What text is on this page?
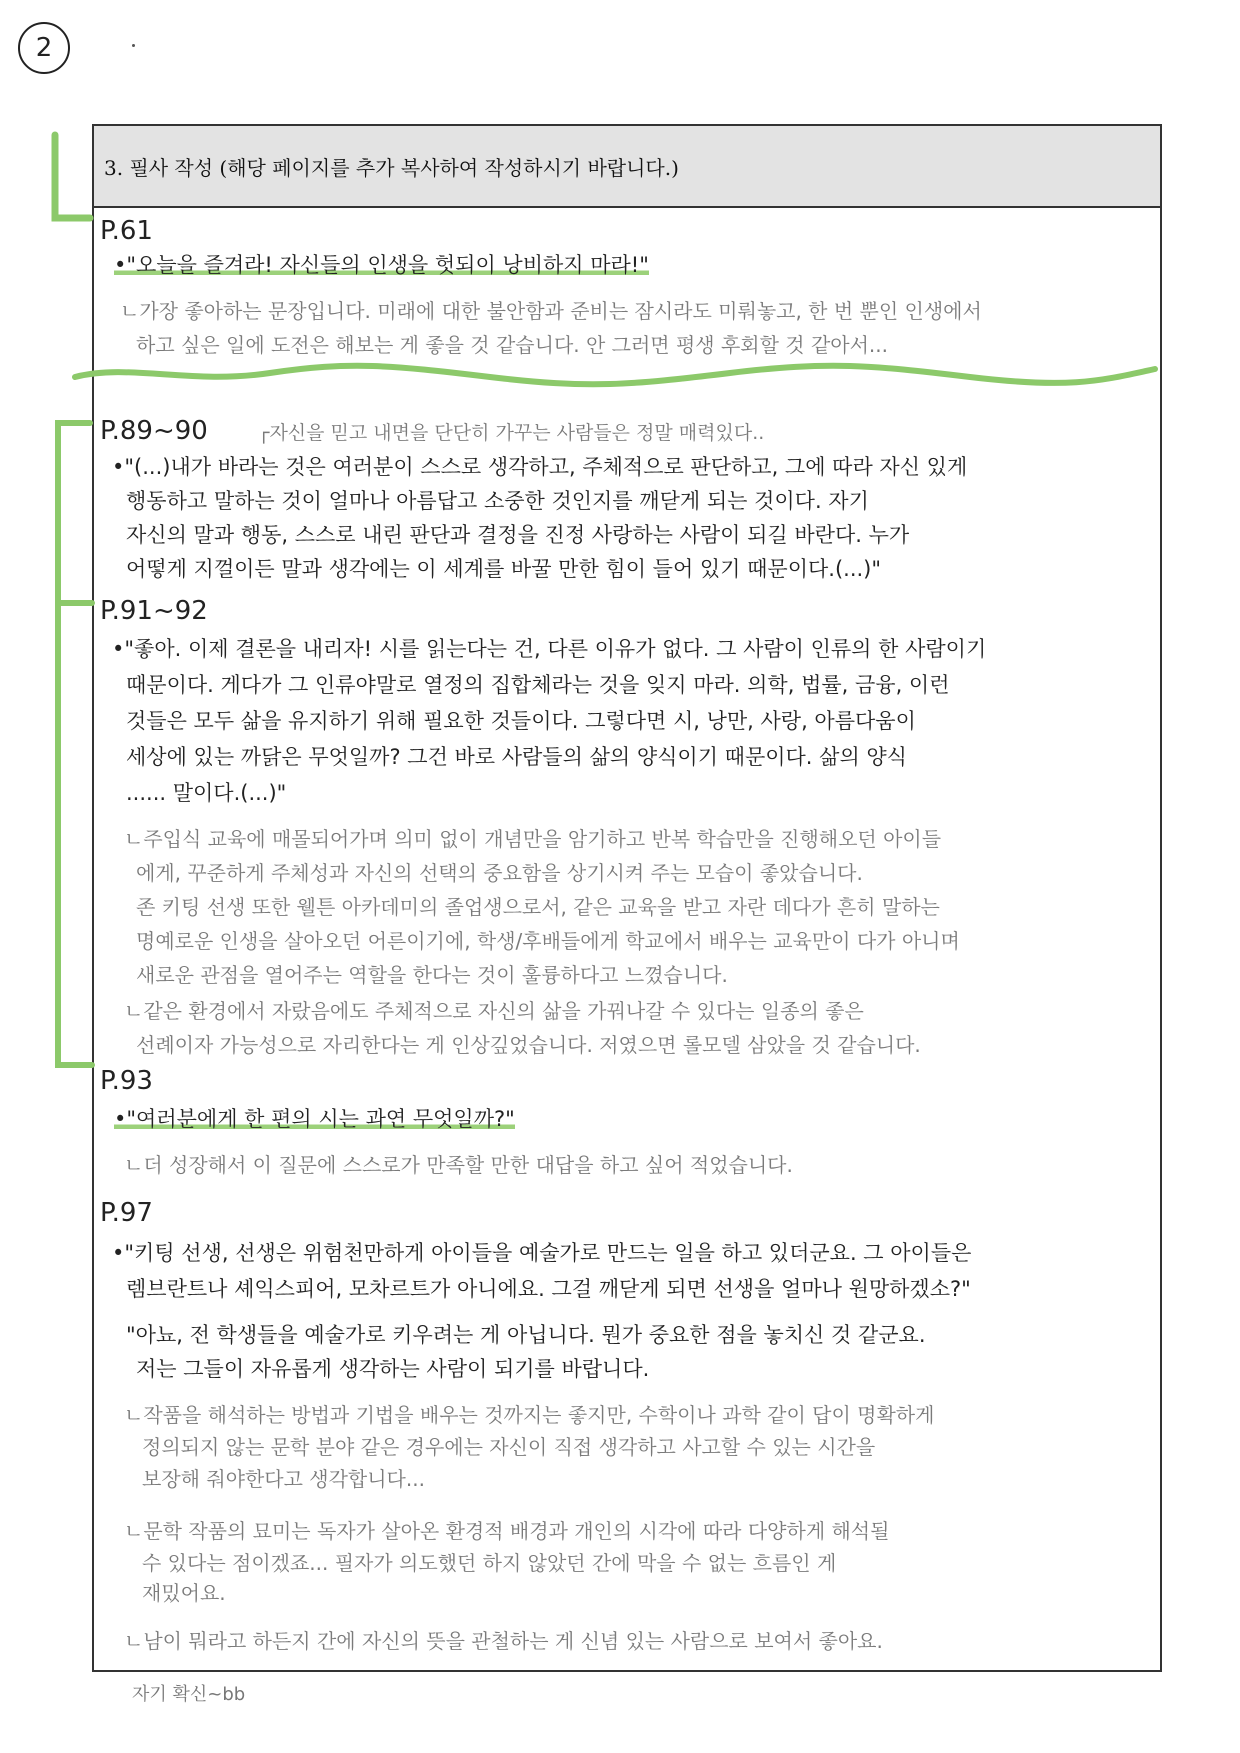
2
3. 필사 작성 (해당 페이지를 추가 복사하여 작성하시기 바랍니다.)
P.61
•"오늘을 즐겨라! 자신들의 인생을 헛되이 낭비하지 마라!"
ㄴ가장 좋아하는 문장입니다. 미래에 대한 불안함과 준비는 잠시라도 미뤄놓고, 한 번 뿐인 인생에서
하고 싶은 일에 도전은 해보는 게 좋을 것 같습니다. 안 그러면 평생 후회할 것 같아서...
P.89~90	┌자신을 믿고 내면을 단단히 가꾸는 사람들은 정말 매력있다..
•"(...)내가 바라는 것은 여러분이 스스로 생각하고, 주체적으로 판단하고, 그에 따라 자신 있게
행동하고 말하는 것이 얼마나 아름답고 소중한 것인지를 깨닫게 되는 것이다. 자기
자신의 말과 행동, 스스로 내린 판단과 결정을 진정 사랑하는 사람이 되길 바란다. 누가
어떻게 지껄이든 말과 생각에는 이 세계를 바꿀 만한 힘이 들어 있기 때문이다.(...)"
P.91~92
•"좋아. 이제 결론을 내리자! 시를 읽는다는 건, 다른 이유가 없다. 그 사람이 인류의 한 사람이기
때문이다. 게다가 그 인류야말로 열정의 집합체라는 것을 잊지 마라. 의학, 법률, 금융, 이런
것들은 모두 삶을 유지하기 위해 필요한 것들이다. 그렇다면 시, 낭만, 사랑, 아름다움이
세상에 있는 까닭은 무엇일까? 그건 바로 사람들의 삶의 양식이기 때문이다. 삶의 양식
...... 말이다.(...)"
ㄴ주입식 교육에 매몰되어가며 의미 없이 개념만을 암기하고 반복 학습만을 진행해오던 아이들
에게, 꾸준하게 주체성과 자신의 선택의 중요함을 상기시켜 주는 모습이 좋았습니다.
존 키팅 선생 또한 웰튼 아카데미의 졸업생으로서, 같은 교육을 받고 자란 데다가 흔히 말하는
명예로운 인생을 살아오던 어른이기에, 학생/후배들에게 학교에서 배우는 교육만이 다가 아니며
새로운 관점을 열어주는 역할을 한다는 것이 훌륭하다고 느꼈습니다.
ㄴ같은 환경에서 자랐음에도 주체적으로 자신의 삶을 가꿔나갈 수 있다는 일종의 좋은
선례이자 가능성으로 자리한다는 게 인상깊었습니다. 저였으면 롤모델 삼았을 것 같습니다.
P.93
•"여러분에게 한 편의 시는 과연 무엇일까?"
ㄴ더 성장해서 이 질문에 스스로가 만족할 만한 대답을 하고 싶어 적었습니다.
P.97
•"키팅 선생, 선생은 위험천만하게 아이들을 예술가로 만드는 일을 하고 있더군요. 그 아이들은
렘브란트나 셰익스피어, 모차르트가 아니에요. 그걸 깨닫게 되면 선생을 얼마나 원망하겠소?"
"아뇨, 전 학생들을 예술가로 키우려는 게 아닙니다. 뭔가 중요한 점을 놓치신 것 같군요.
저는 그들이 자유롭게 생각하는 사람이 되기를 바랍니다.
ㄴ작품을 해석하는 방법과 기법을 배우는 것까지는 좋지만, 수학이나 과학 같이 답이 명확하게
정의되지 않는 문학 분야 같은 경우에는 자신이 직접 생각하고 사고할 수 있는 시간을
보장해 줘야한다고 생각합니다...
ㄴ문학 작품의 묘미는 독자가 살아온 환경적 배경과 개인의 시각에 따라 다양하게 해석될
수 있다는 점이겠죠... 필자가 의도했던 하지 않았던 간에 막을 수 없는 흐름인 게
재밌어요.
ㄴ남이 뭐라고 하든지 간에 자신의 뜻을 관철하는 게 신념 있는 사람으로 보여서 좋아요.
자기 확신~bb
